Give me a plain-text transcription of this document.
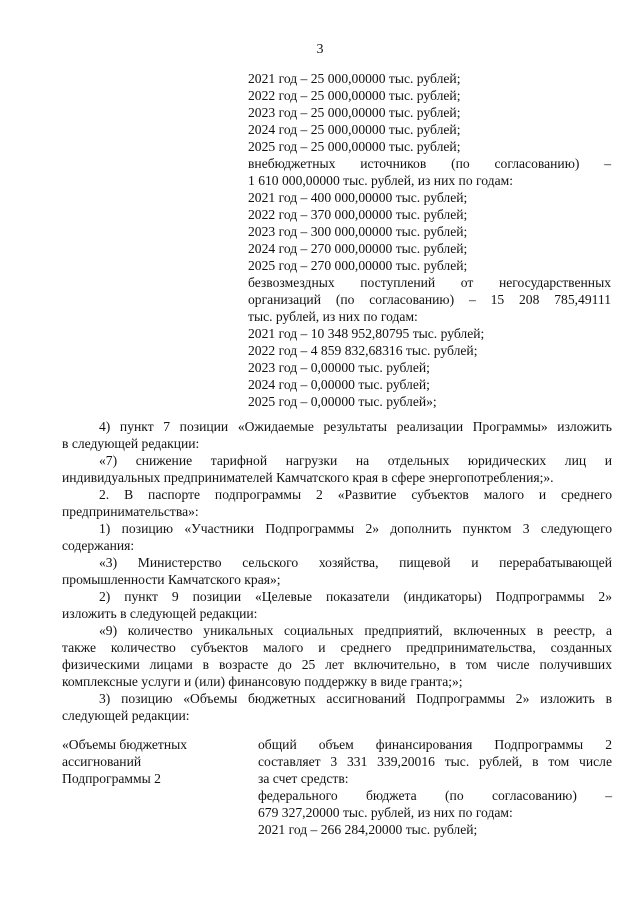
3
2021 год – 25 000,00000 тыс. рублей;
2022 год – 25 000,00000 тыс. рублей;
2023 год – 25 000,00000 тыс. рублей;
2024 год – 25 000,00000 тыс. рублей;
2025 год – 25 000,00000 тыс. рублей;
внебюджетных источников (по согласованию) –
1 610 000,00000 тыс. рублей, из них по годам:
2021 год – 400 000,00000 тыс. рублей;
2022 год – 370 000,00000 тыс. рублей;
2023 год – 300 000,00000 тыс. рублей;
2024 год – 270 000,00000 тыс. рублей;
2025 год – 270 000,00000 тыс. рублей;
безвозмездных поступлений от негосударственных
организаций (по согласованию) – 15 208 785,49111
тыс. рублей, из них по годам:
2021 год – 10 348 952,80795 тыс. рублей;
2022 год – 4 859 832,68316 тыс. рублей;
2023 год – 0,00000 тыс. рублей;
2024 год – 0,00000 тыс. рублей;
2025 год – 0,00000 тыс. рублей»;
4) пункт 7 позиции «Ожидаемые результаты реализации Программы» изложить
в следующей редакции:
«7) снижение тарифной нагрузки на отдельных юридических лиц и
индивидуальных предпринимателей Камчатского края в сфере энергопотребления;».
2. В паспорте подпрограммы 2 «Развитие субъектов малого и среднего
предпринимательства»:
1) позицию «Участники Подпрограммы 2» дополнить пунктом 3 следующего
содержания:
«3) Министерство сельского хозяйства, пищевой и перерабатывающей
промышленности Камчатского края»;
2) пункт 9 позиции «Целевые показатели (индикаторы) Подпрограммы 2»
изложить в следующей редакции:
«9) количество уникальных социальных предприятий, включенных в реестр, а
также количество субъектов малого и среднего предпринимательства, созданных
физическими лицами в возрасте до 25 лет включительно, в том числе получивших
комплексные услуги и (или) финансовую поддержку в виде гранта;»;
3) позицию «Объемы бюджетных ассигнований Подпрограммы 2» изложить в
следующей редакции:
«Объемы бюджетных
ассигнований
Подпрограммы 2
общий объем финансирования Подпрограммы 2
составляет 3 331 339,20016 тыс. рублей, в том числе
за счет средств:
федерального бюджета (по согласованию) –
679 327,20000 тыс. рублей, из них по годам:
2021 год – 266 284,20000 тыс. рублей;
